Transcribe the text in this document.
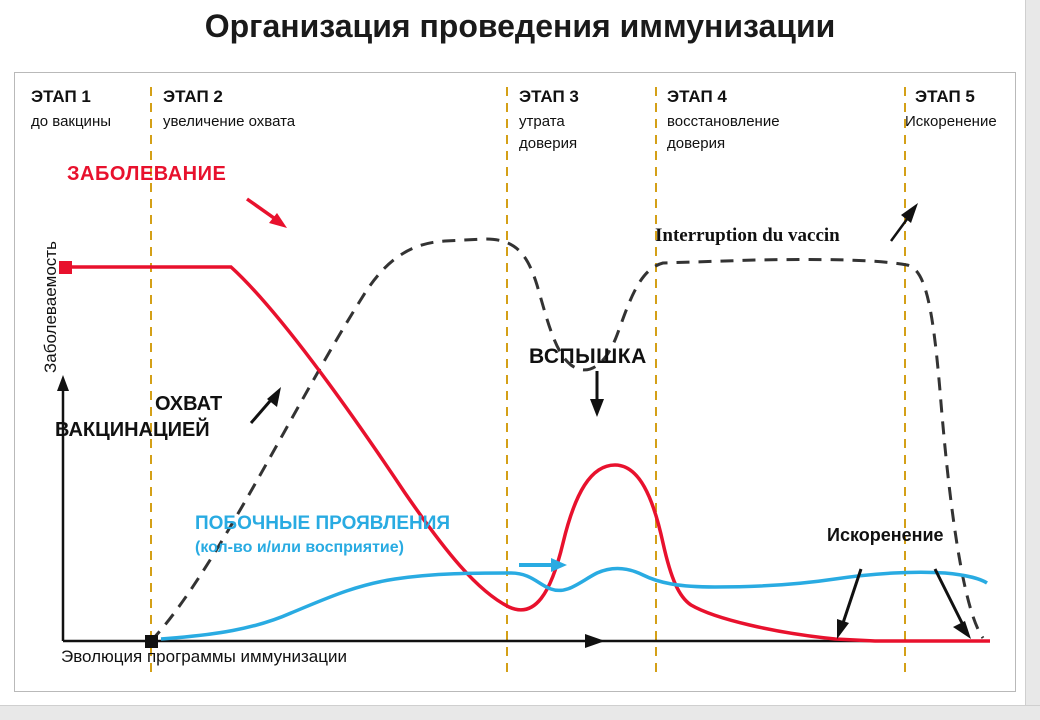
Организация проведения иммунизации
ЭТАП 1
до вакцины
ЭТАП 2
увеличение охвата
ЭТАП 3
утрата
доверия
ЭТАП 4
восстановление
доверия
ЭТАП 5
Искоренение
ЗАБОЛЕВАНИЕ
ОХВАТ
ВАКЦИНАЦИЕЙ
ВСПЫШКА
ПОБОЧНЫЕ ПРОЯВЛЕНИЯ
(кол-во и/или восприятие)
Interruption du vaccin
Искоренение
Заболеваемость
Эволюция программы иммунизации
